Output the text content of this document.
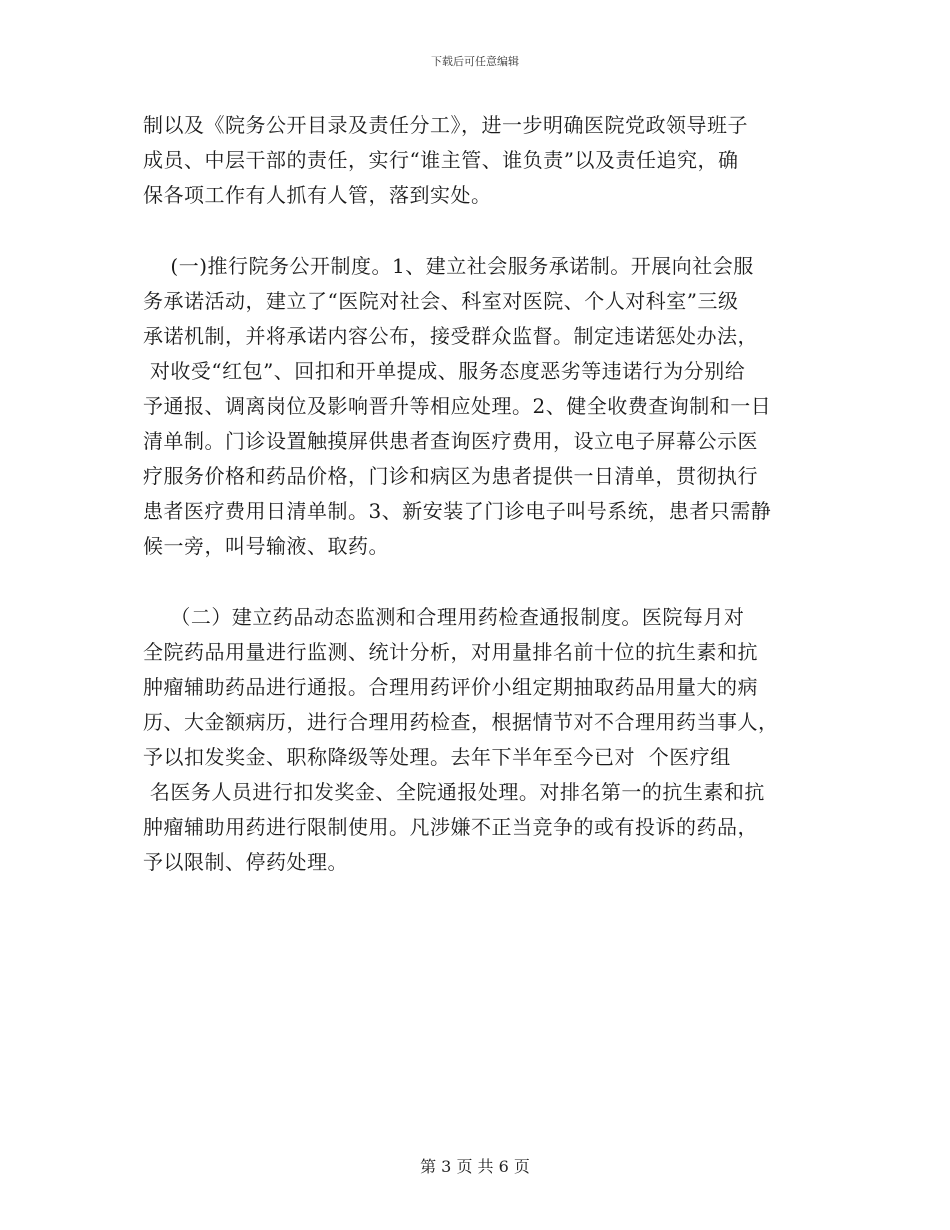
下载后可任意编辑
制以及《院务公开目录及责任分工》，进一步明确医院党政领导班子
成员、中层干部的责任，实行“谁主管、谁负责”以及责任追究，确
保各项工作有人抓有人管，落到实处。
(一)推行院务公开制度。1、建立社会服务承诺制。开展向社会服
务承诺活动，建立了“医院对社会、科室对医院、个人对科室”三级
承诺机制，并将承诺内容公布，接受群众监督。制定违诺惩处办法，
对收受“红包”、回扣和开单提成、服务态度恶劣等违诺行为分别给
予通报、调离岗位及影响晋升等相应处理。2、健全收费查询制和一日
清单制。门诊设置触摸屏供患者查询医疗费用，设立电子屏幕公示医
疗服务价格和药品价格，门诊和病区为患者提供一日清单，贯彻执行
患者医疗费用日清单制。3、新安装了门诊电子叫号系统，患者只需静
候一旁，叫号输液、取药。
（二）建立药品动态监测和合理用药检查通报制度。医院每月对
全院药品用量进行监测、统计分析，对用量排名前十位的抗生素和抗
肿瘤辅助药品进行通报。合理用药评价小组定期抽取药品用量大的病
历、大金额病历，进行合理用药检查，根据情节对不合理用药当事人，
予以扣发奖金、职称降级等处理。去年下半年至今已对  个医疗组
名医务人员进行扣发奖金、全院通报处理。对排名第一的抗生素和抗
肿瘤辅助用药进行限制使用。凡涉嫌不正当竞争的或有投诉的药品，
予以限制、停药处理。
第 3 页 共 6 页
